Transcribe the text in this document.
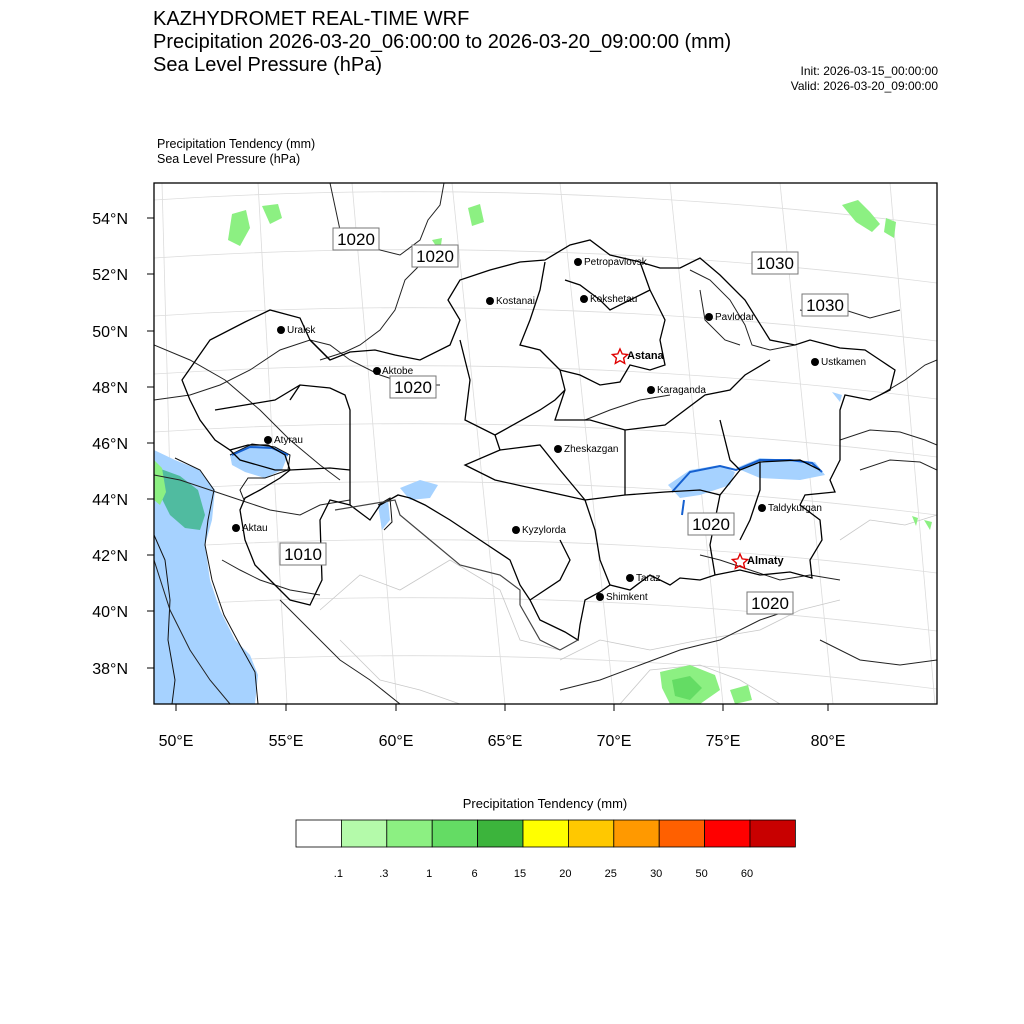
KAZHYDROMET REAL-TIME WRF
Precipitation 2026-03-20_06:00:00 to 2026-03-20_09:00:00 (mm)
Sea Level Pressure (hPa)	Init: 2026-03-15_00:00:00
Valid: 2026-03-20_09:00:00
Precipitation Tendency (mm)
Sea Level Pressure (hPa)
54°N
52°N
50°N
48°N
46°N
44°N
42°N
40°N
38°N
50°E	55°E	60°E	65°E	70°E	75°E	80°E
1020
1020	1030
1030
1020
1020
1010
1020
Petropavlovsk
Kostanai	Kokshetau
Pavlodar
Uralsk
Aktobe
Astana
Ustkamen
Karaganda
Atyrau
Zheskazgan
Aktau	Kyzylorda
Taldykurgan
Almaty
Taraz
Shimkent
.1	.3	1	6	15	20	25	30	50	60
Precipitation Tendency (mm)
